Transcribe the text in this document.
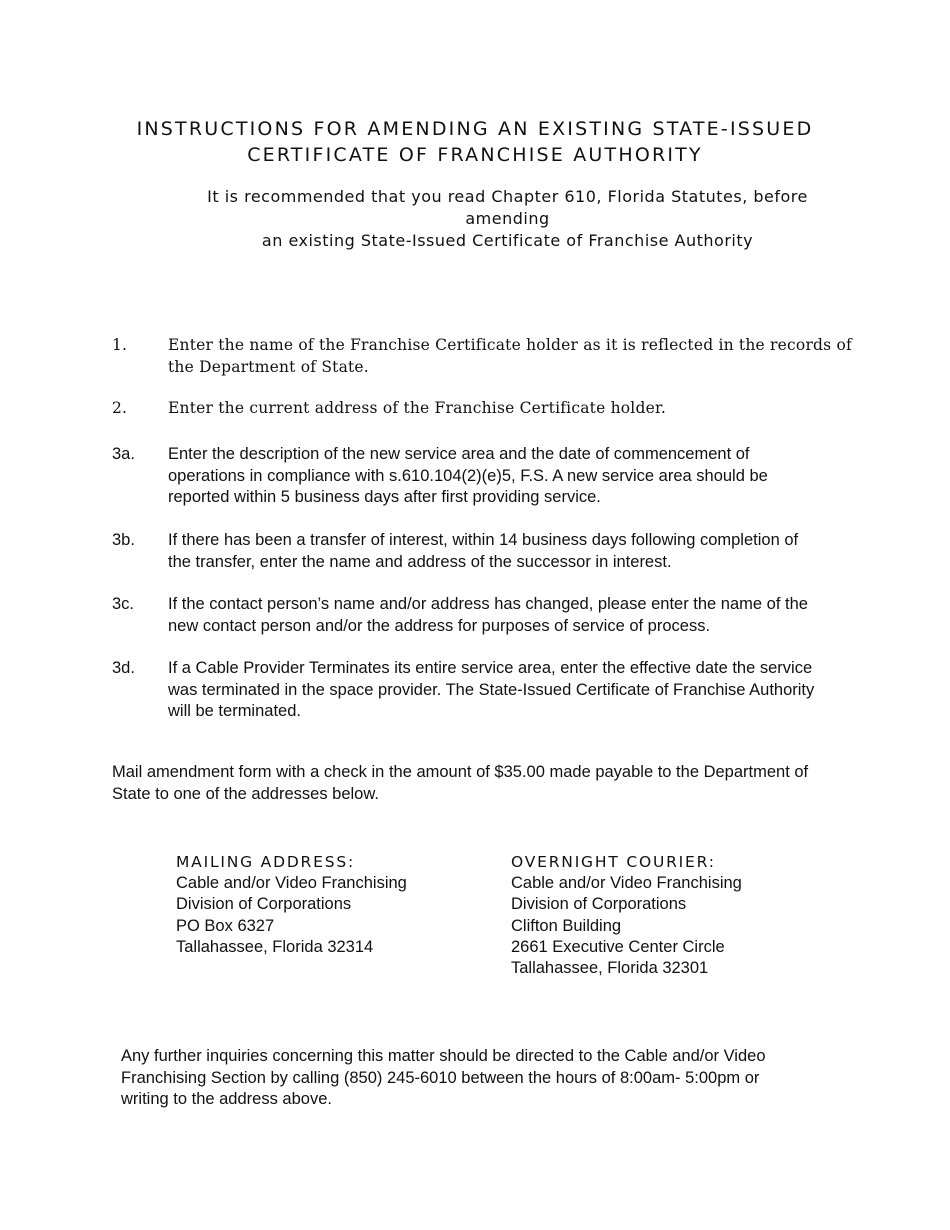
INSTRUCTIONS FOR AMENDING AN EXISTING STATE-ISSUED
CERTIFICATE OF FRANCHISE AUTHORITY
It is recommended that you read Chapter 610, Florida Statutes, before amending
an existing State-Issued Certificate of Franchise Authority
1.	Enter the name of the Franchise Certificate holder as it is reflected in the records of
the Department of State.
2.	Enter the current address of the Franchise Certificate holder.
3a. Enter the description of the new service area and the date of commencement of
operations in compliance with s.610.104(2)(e)5, F.S. A new service area should be
reported within 5 business days after first providing service.
3b. If there has been a transfer of interest, within 14 business days following completion of
the transfer, enter the name and address of the successor in interest.
3c. If the contact person’s name and/or address has changed, please enter the name of the
new contact person and/or the address for purposes of service of process.
3d. If a Cable Provider Terminates its entire service area, enter the effective date the service
was terminated in the space provider. The State-Issued Certificate of Franchise Authority
will be terminated.
Mail amendment form with a check in the amount of $35.00 made payable to the Department of
State to one of the addresses below.
MAILING ADDRESS:
Cable and/or Video Franchising
Division of Corporations
PO Box 6327
Tallahassee, Florida 32314
OVERNIGHT COURIER:
Cable and/or Video Franchising
Division of Corporations
Clifton Building
2661 Executive Center Circle
Tallahassee, Florida 32301
Any further inquiries concerning this matter should be directed to the Cable and/or Video
Franchising Section by calling (850) 245-6010 between the hours of 8:00am- 5:00pm or
writing to the address above.
